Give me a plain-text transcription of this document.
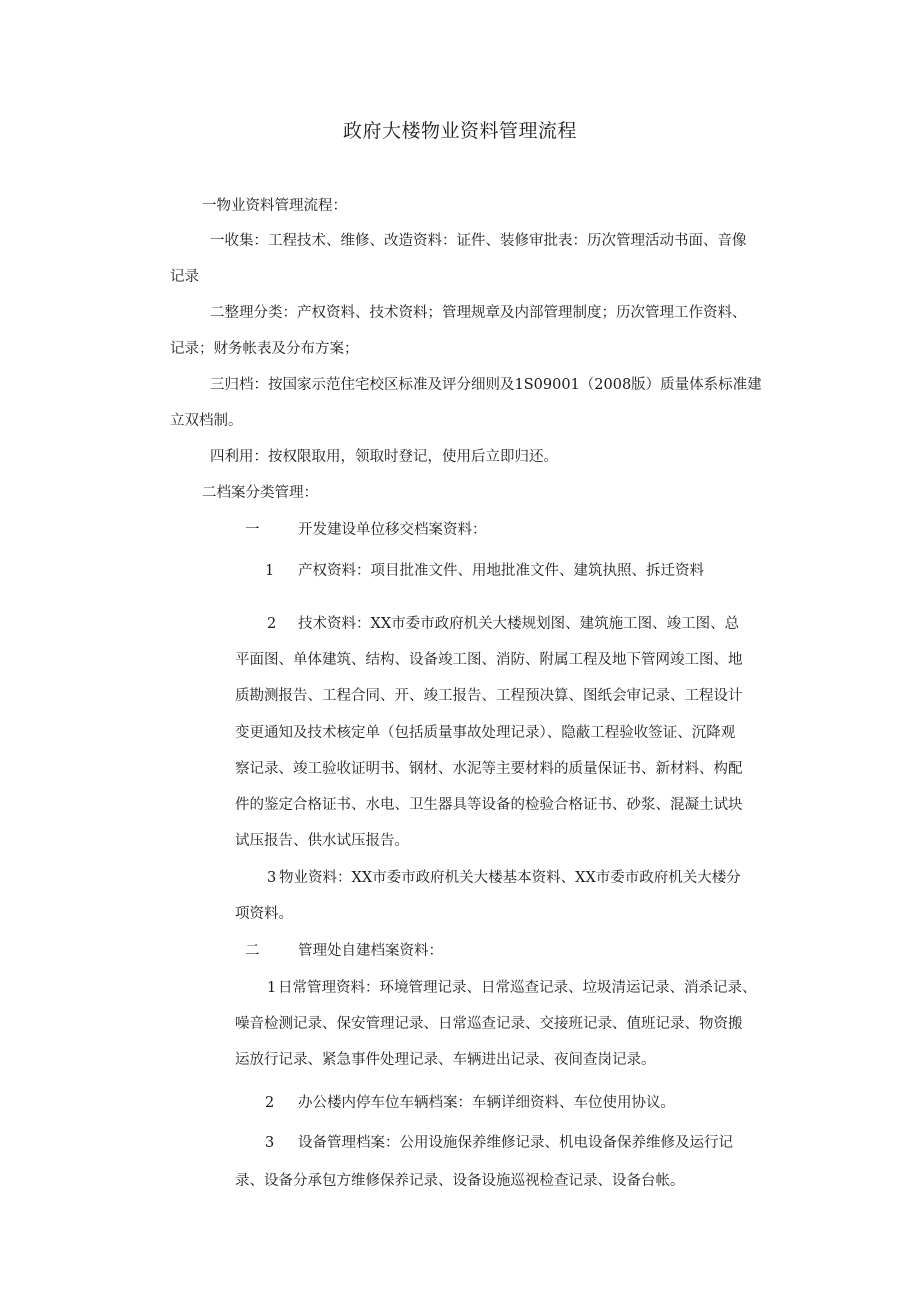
政府大楼物业资料管理流程
一物业资料管理流程：
一收集：工程技术、维修、改造资料：证件、装修审批表：历次管理活动书面、音像
记录
二整理分类：产权资料、技术资料；管理规章及内部管理制度；历次管理工作资料、
记录；财务帐表及分布方案；
三归档：按国家示范住宅校区标准及评分细则及1S09001（2008版）质量体系标准建
立双档制。
四利用：按权限取用，领取时登记，使用后立即归还。
二档案分类管理：
一	开发建设单位移交档案资料：
1 产权资料：项目批准文件、用地批准文件、建筑执照、拆迁资料
2 技术资料：XX市委市政府机关大楼规划图、建筑施工图、竣工图、总
平面图、单体建筑、结构、设备竣工图、消防、附属工程及地下管网竣工图、地
质勘测报告、工程合同、开、竣工报告、工程预决算、图纸会审记录、工程设计
变更通知及技术核定单（包括质量事故处理记录）、隐蔽工程验收签证、沉降观
察记录、竣工验收证明书、钢材、水泥等主要材料的质量保证书、新材料、构配
件的鉴定合格证书、水电、卫生器具等设备的检验合格证书、砂浆、混凝土试块
试压报告、供水试压报告。
3 物业资料：XX市委市政府机关大楼基本资料、XX市委市政府机关大楼分
项资料。
二	管理处自建档案资料：
1 日常管理资料：环境管理记录、日常巡查记录、垃圾清运记录、消杀记录、
噪音检测记录、保安管理记录、日常巡查记录、交接班记录、值班记录、物资搬
运放行记录、紧急事件处理记录、车辆进出记录、夜间查岗记录。
2 办公楼内停车位车辆档案：车辆详细资料、车位使用协议。
3 设备管理档案：公用设施保养维修记录、机电设备保养维修及运行记
录、设备分承包方维修保养记录、设备设施巡视检查记录、设备台帐。
